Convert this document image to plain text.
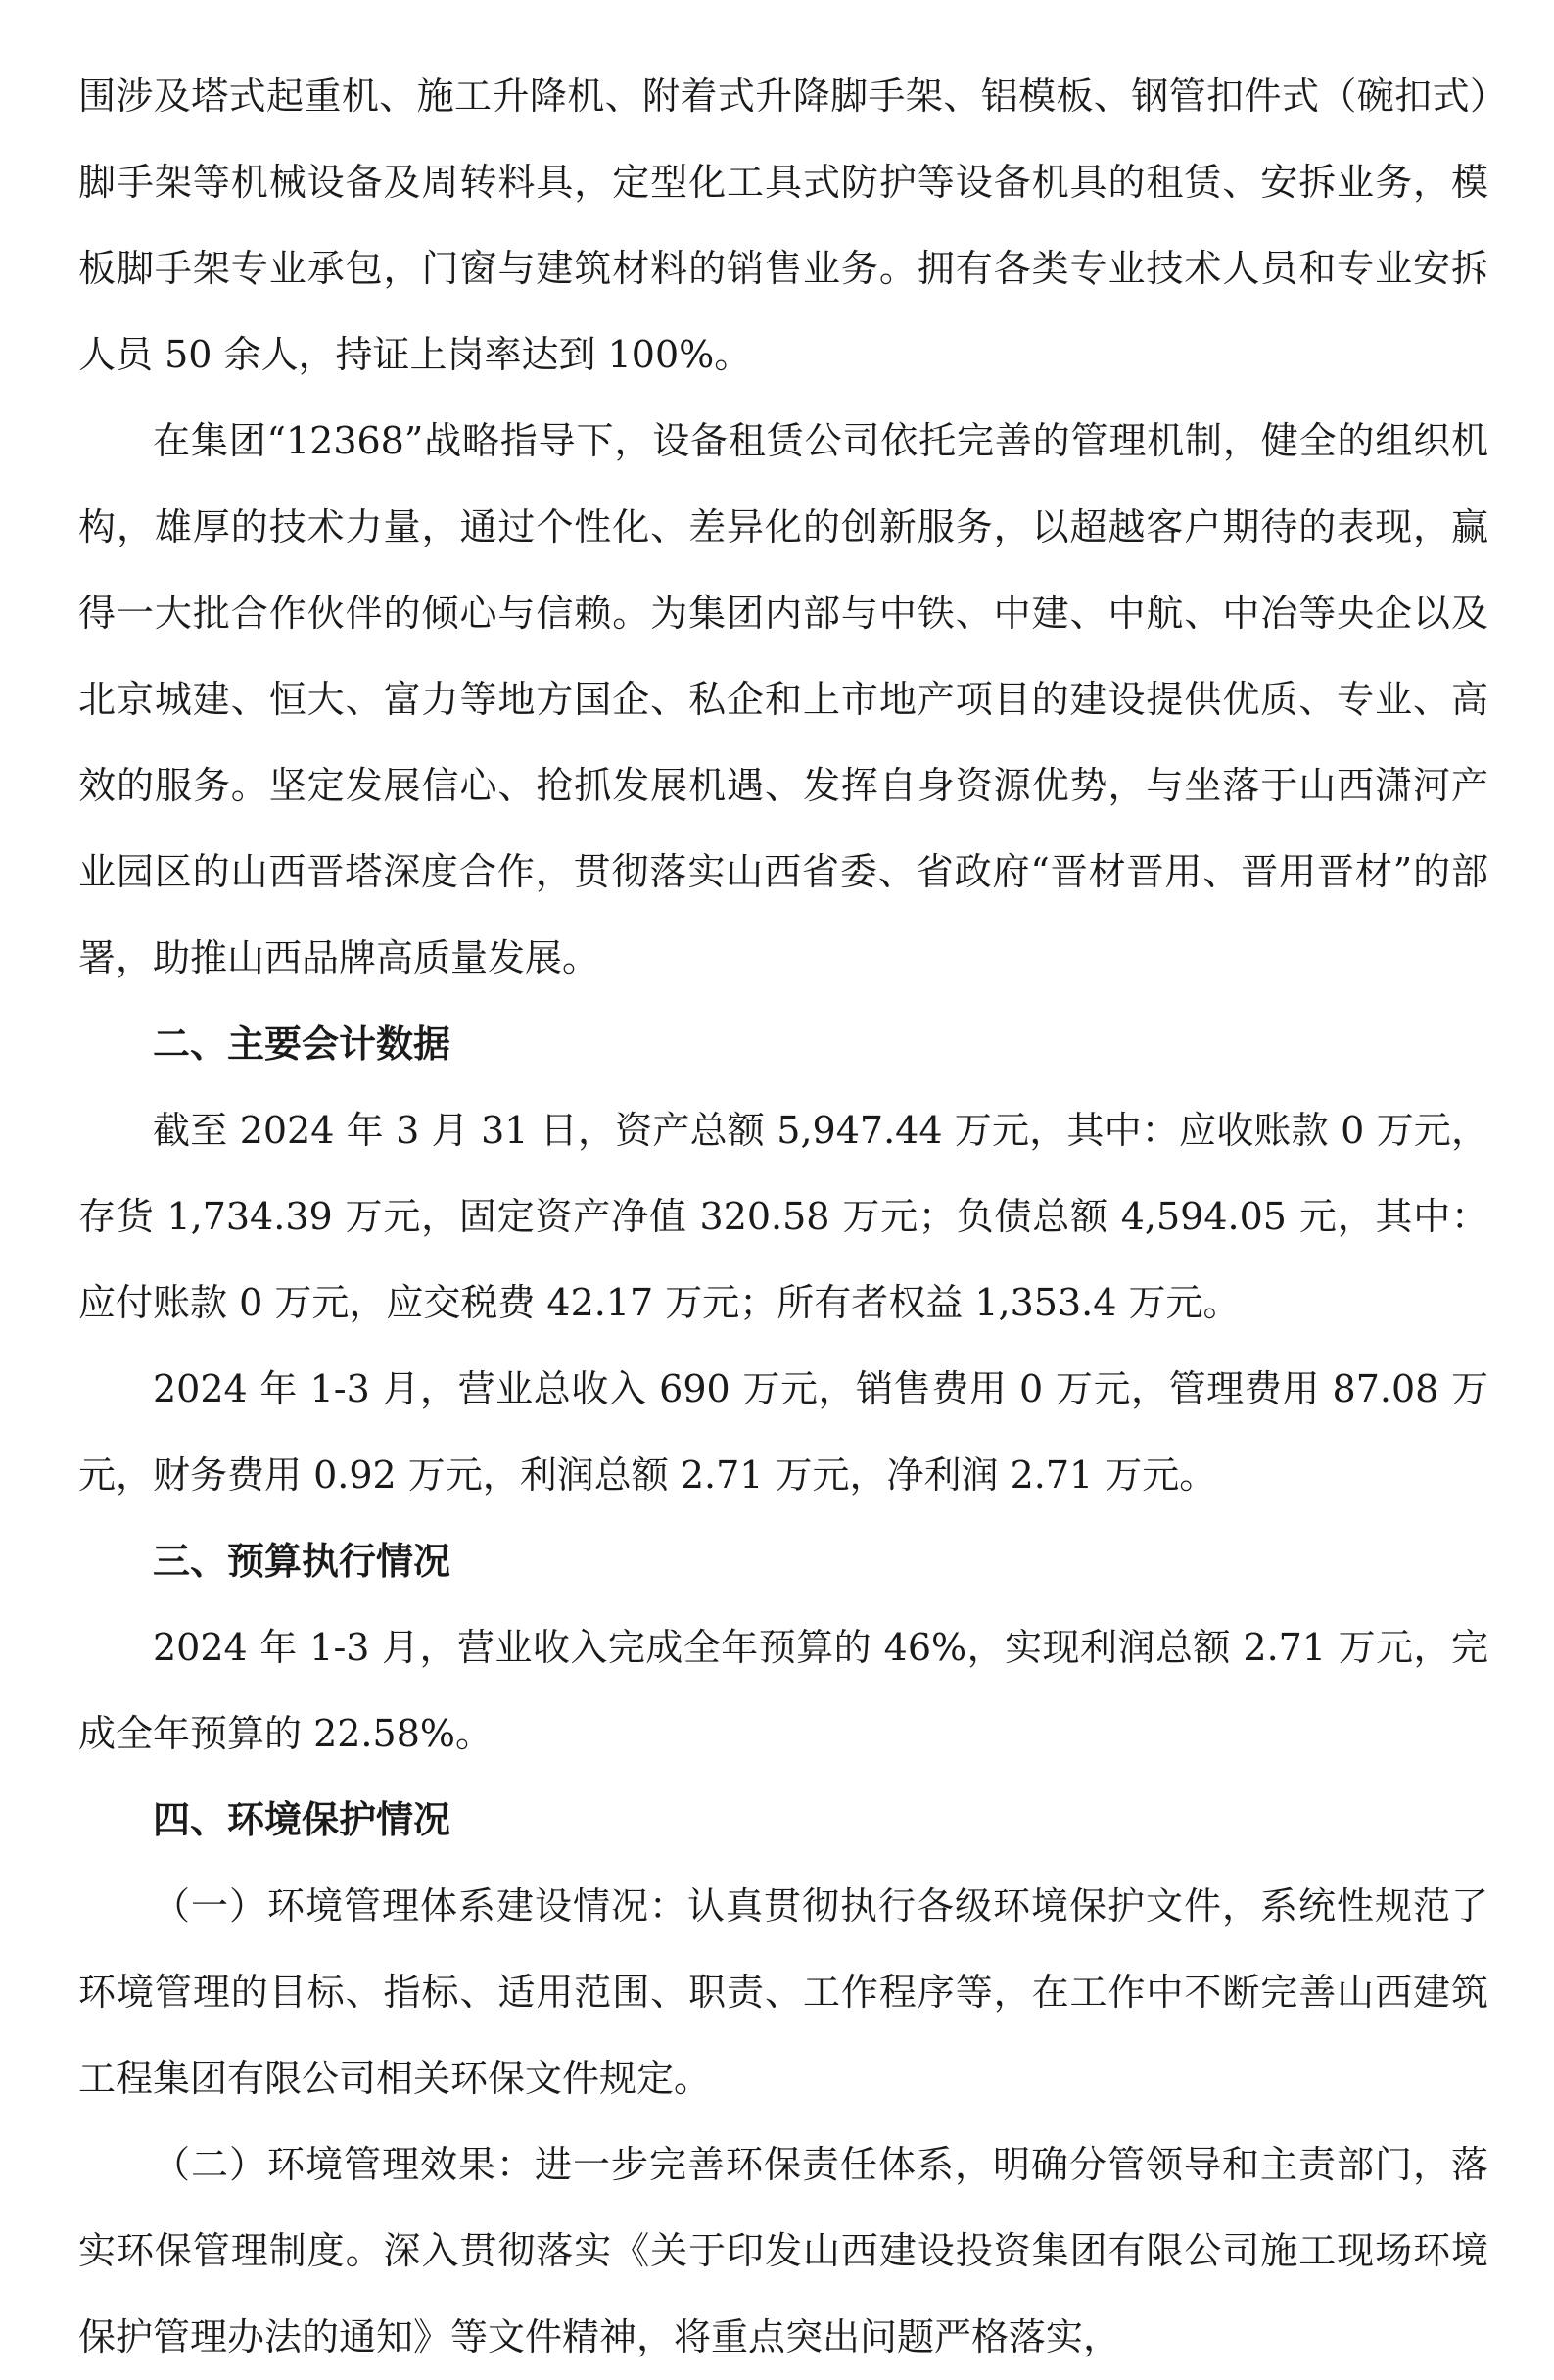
围涉及塔式起重机、施工升降机、附着式升降脚手架、铝模板、钢管扣件式（碗扣式）脚手架等机械设备及周转料具，定型化工具式防护等设备机具的租赁、安拆业务，模板脚手架专业承包，门窗与建筑材料的销售业务。拥有各类专业技术人员和专业安拆人员 50 余人，持证上岗率达到 100%。

在集团“12368”战略指导下，设备租赁公司依托完善的管理机制，健全的组织机构，雄厚的技术力量，通过个性化、差异化的创新服务，以超越客户期待的表现，赢得一大批合作伙伴的倾心与信赖。为集团内部与中铁、中建、中航、中冶等央企以及北京城建、恒大、富力等地方国企、私企和上市地产项目的建设提供优质、专业、高效的服务。坚定发展信心、抢抓发展机遇、发挥自身资源优势，与坐落于山西潇河产业园区的山西晋塔深度合作，贯彻落实山西省委、省政府“晋材晋用、晋用晋材”的部署，助推山西品牌高质量发展。

二、主要会计数据

截至 2024 年 3 月 31 日，资产总额 5,947.44 万元，其中：应收账款 0 万元，存货 1,734.39 万元，固定资产净值 320.58 万元；负债总额 4,594.05 元，其中：应付账款 0 万元，应交税费 42.17 万元；所有者权益 1,353.4 万元。

2024 年 1-3 月，营业总收入 690 万元，销售费用 0 万元，管理费用 87.08 万元，财务费用 0.92 万元，利润总额 2.71 万元，净利润 2.71 万元。

三、预算执行情况

2024 年 1-3 月，营业收入完成全年预算的 46%，实现利润总额 2.71 万元，完成全年预算的 22.58%。

四、环境保护情况

（一）环境管理体系建设情况：认真贯彻执行各级环境保护文件，系统性规范了环境管理的目标、指标、适用范围、职责、工作程序等，在工作中不断完善山西建筑工程集团有限公司相关环保文件规定。

（二）环境管理效果：进一步完善环保责任体系，明确分管领导和主责部门，落实环保管理制度。深入贯彻落实《关于印发山西建设投资集团有限公司施工现场环境保护管理办法的通知》等文件精神，将重点突出问题严格落实，
